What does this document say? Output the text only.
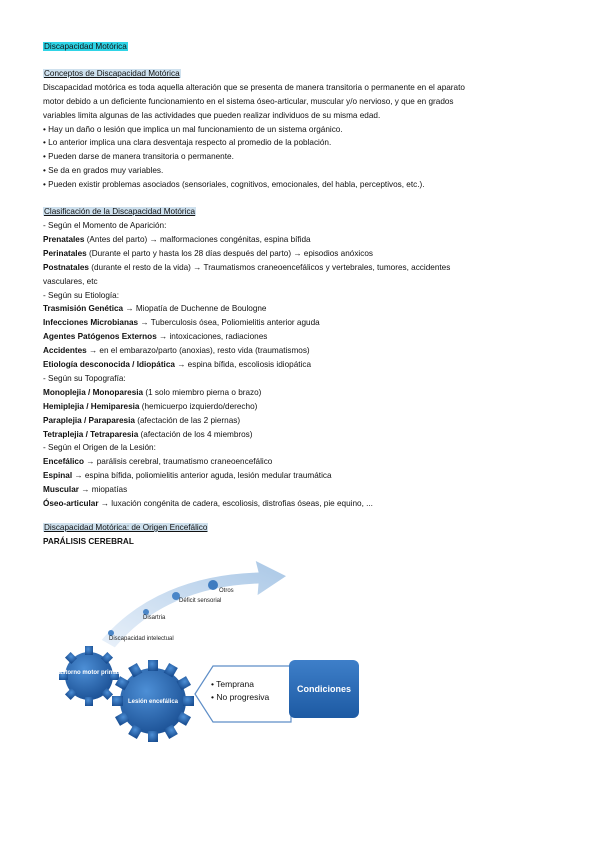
Discapacidad Motórica
Conceptos de Discapacidad Motórica
Discapacidad motórica es toda aquella alteración que se presenta de manera transitoria o permanente en el aparato
motor debido a un deficiente funcionamiento en el sistema óseo-articular, muscular y/o nervioso, y que en grados
variables limita algunas de las actividades que pueden realizar individuos de su misma edad.
• Hay un daño o lesión que implica un mal funcionamiento de un sistema orgánico.
• Lo anterior implica una clara desventaja respecto al promedio de la población.
• Pueden darse de manera transitoria o permanente.
• Se da en grados muy variables.
• Pueden existir problemas asociados (sensoriales, cognitivos, emocionales, del habla, perceptivos, etc.).
Clasificación de la Discapacidad Motórica
- Según el Momento de Aparición:
Prenatales (Antes del parto) → malformaciones congénitas, espina bífida
Perinatales (Durante el parto y hasta los 28 días después del parto) → episodios anóxicos
Postnatales (durante el resto de la vida) → Traumatismos craneoencefálicos y vertebrales, tumores, accidentes
vasculares, etc
- Según su Etiología:
Trasmisión Genética → Miopatía de Duchenne de Boulogne
Infecciones Microbianas → Tuberculosis ósea, Poliomielitis anterior aguda
Agentes Patógenos Externos → intoxicaciones, radiaciones
Accidentes → en el embarazo/parto (anoxias), resto vida (traumatismos)
Etiología desconocida / Idiopática → espina bífida, escoliosis idiopática
- Según su Topografía:
Monoplejia / Monoparesia (1 solo miembro pierna o brazo)
Hemiplejia / Hemiparesia (hemicuerpo izquierdo/derecho)
Paraplejia / Paraparesia (afectación de las 2 piernas)
Tetraplejia / Tetraparesia (afectación de los 4 miembros)
- Según el Origen de la Lesión:
Encefálico → parálisis cerebral, traumatismo craneoencefálico
Espinal → espina bífida, poliomielitis anterior aguda, lesión medular traumática
Muscular → miopatías
Óseo-articular → luxación congénita de cadera, escoliosis, distrofias óseas, pie equino, ...
Discapacidad Motórica: de Origen Encefálico
PARÁLISIS CEREBRAL
Discapacidad intelectual
Disartria
Déficit sensorial
Otros
Trastorno motor primario
Lesión encefálica
• Temprana
• No progresiva
Condiciones
